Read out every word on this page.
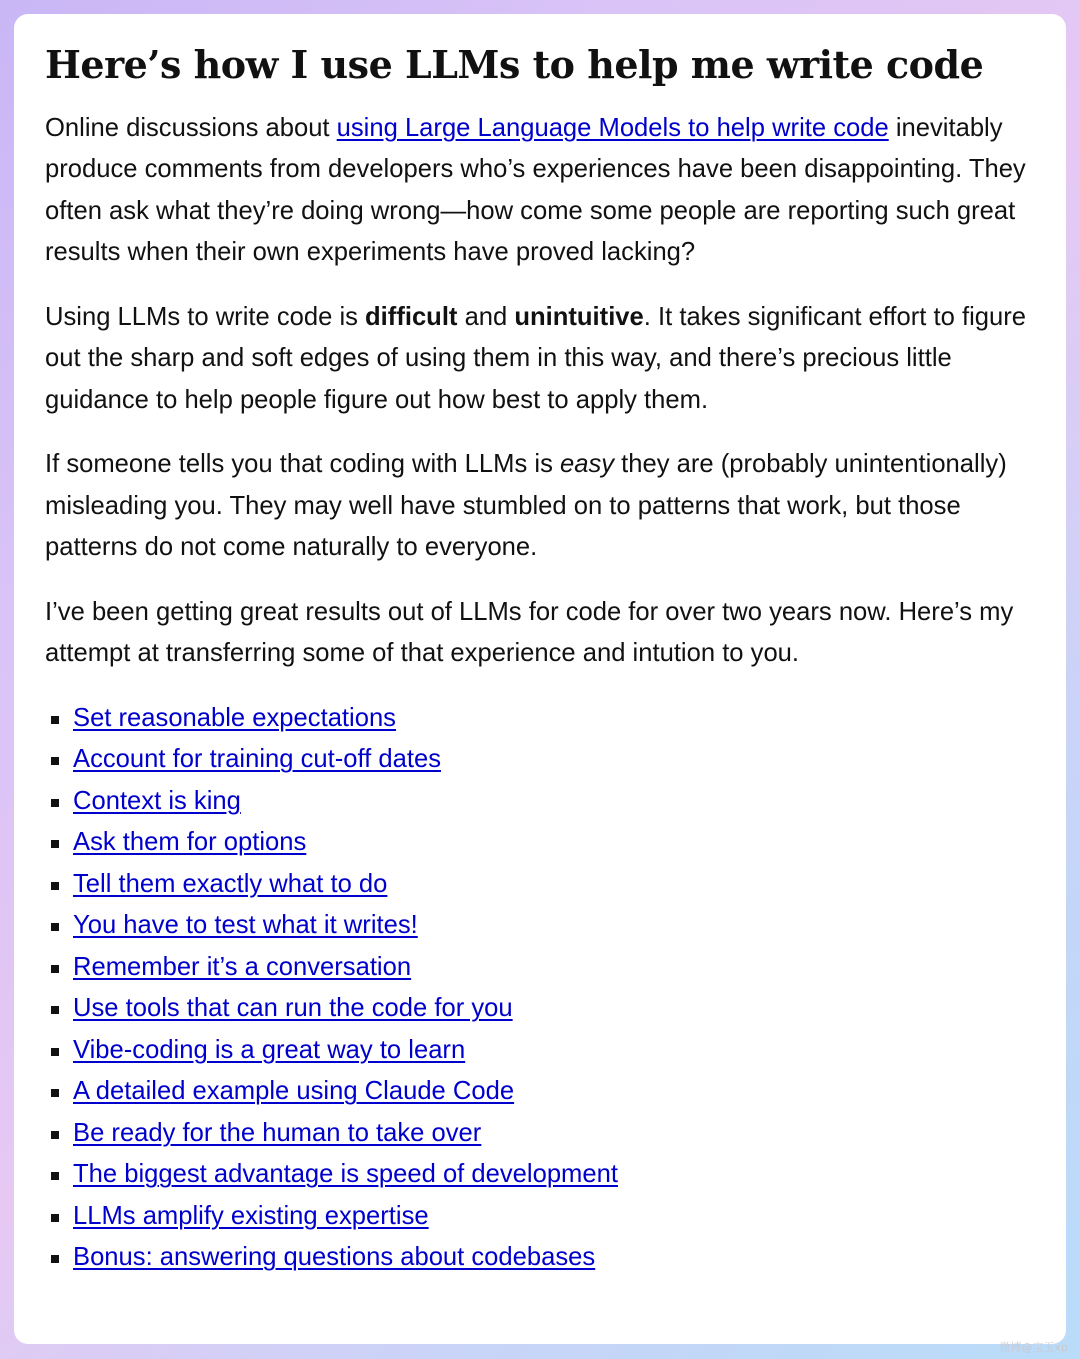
Here’s how I use LLMs to help me write code

Online discussions about using Large Language Models to help write code inevitably produce comments from developers who’s experiences have been disappointing. They often ask what they’re doing wrong—how come some people are reporting such great results when their own experiments have proved lacking?

Using LLMs to write code is difficult and unintuitive. It takes significant effort to figure out the sharp and soft edges of using them in this way, and there’s precious little guidance to help people figure out how best to apply them.

If someone tells you that coding with LLMs is easy they are (probably unintentionally) misleading you. They may well have stumbled on to patterns that work, but those patterns do not come naturally to everyone.

I’ve been getting great results out of LLMs for code for over two years now. Here’s my attempt at transferring some of that experience and intution to you.

Set reasonable expectations
Account for training cut-off dates
Context is king
Ask them for options
Tell them exactly what to do
You have to test what it writes!
Remember it’s a conversation
Use tools that can run the code for you
Vibe-coding is a great way to learn
A detailed example using Claude Code
Be ready for the human to take over
The biggest advantage is speed of development
LLMs amplify existing expertise
Bonus: answering questions about codebases
微博@宝玉xp
